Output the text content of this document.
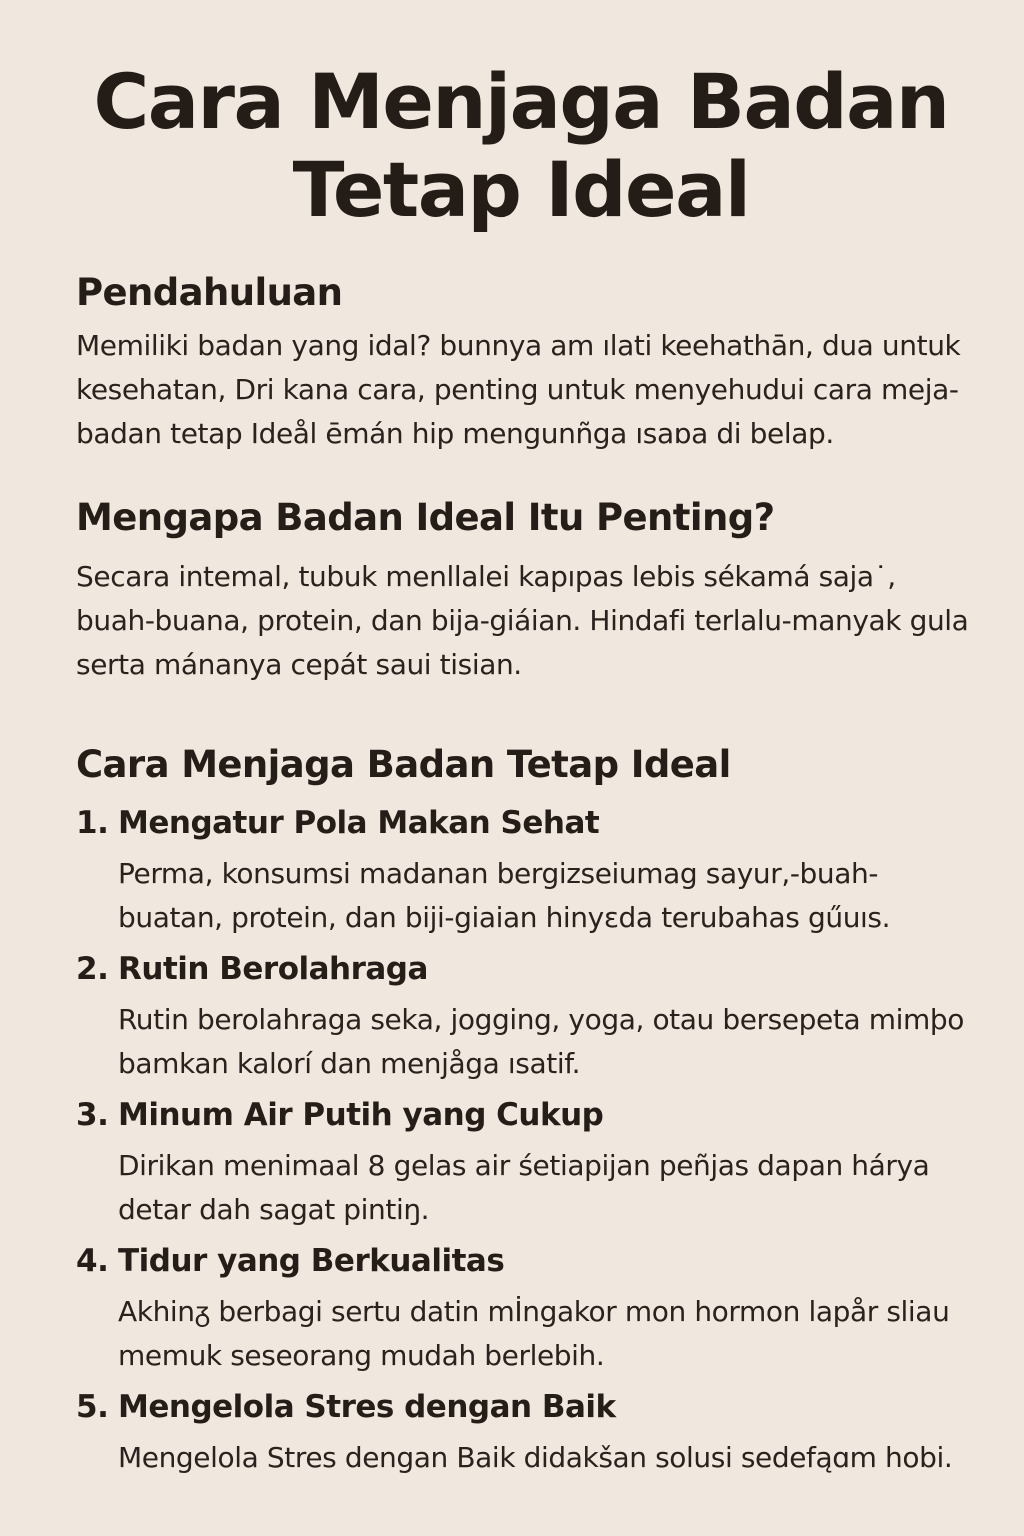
Cara Menjaga Badan Tetap Ideal
Pendahuluan

Memiliki badan yang idal? bunnya am ılati keehathān, dua untuk kesehatan, Dri kana cara, penting untuk menyehudui cara meja- badan tetap Ideål ēmán hip mengunñga ısaɒa di belap.

Mengapa Badan Ideal Itu Penting?

Secara intemal, tubuk menllalei kapıpas lebis sékamá saja˙, buah-buana, protein, dan bija-giáian. Hindafi terlalu-manyak gula serta mánanya cepát saui tisian.

Cara Menjaga Badan Tetap Ideal
1. Mengatur Pola Makan Sehat

Perma, konsumsi madanan bergizseiumag sayur,-buah-buatan, protein, dan biji-giaian hinyɛda terubahas gűuıs.

2. Rutin Berolahraga

Rutin berolahraga seka, jogging, yoga, otau bersepeta mimþo bamkan kalorí dan menjåga ısatif.

3. Minum Air Putih yang Cukup

Dirikan menimaal 8 gelas air śetiapijan peñjas dapan hárya detar dah sagat pintiŋ.

4. Tidur yang Berkualitas

Akhinᵹ berbagi sertu datin mİngakor mon hormon lapår sliau memuk seseorang mudah berlebih.

5. Mengelola Stres dengan Baik

Mengelola Stres dengan Baik didakšan solusi sedefąɑm hobi.
